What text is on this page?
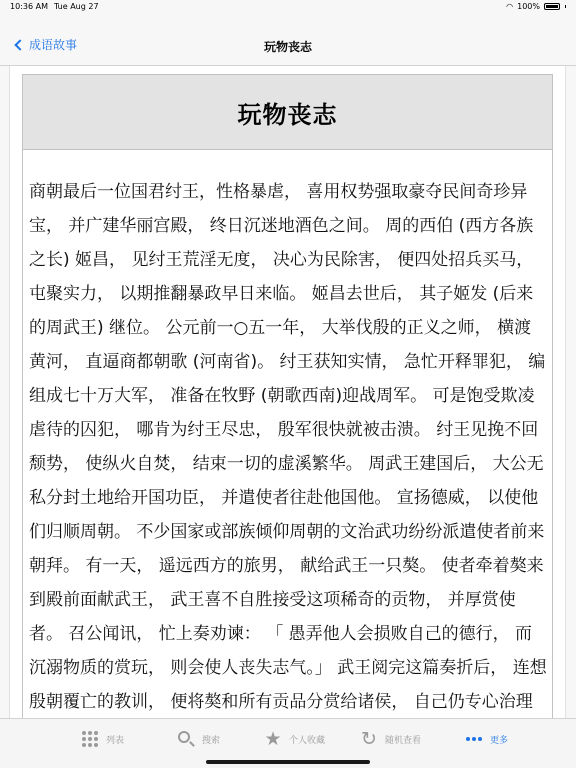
10:36 AM Tue Aug 27	◠ 100%
成语故事	玩物丧志
玩物丧志

商朝最后一位国君纣王，性格暴虐， 喜用权势强取豪夺民间奇珍异宝， 并广建华丽宫殿， 终日沉迷地酒色之间。 周的西伯 (西方各族之长) 姬昌， 见纣王荒淫无度， 决心为民除害， 便四处招兵买马， 屯聚实力， 以期推翻暴政早日来临。 姬昌去世后， 其子姬发 (后来的周武王) 继位。 公元前一○五一年， 大举伐殷的正义之师， 横渡黄河， 直逼商都朝歌 (河南省)。 纣王获知实情， 急忙开释罪犯， 编组成七十万大军， 准备在牧野 (朝歌西南)迎战周军。 可是饱受欺凌虐待的囚犯， 哪肯为纣王尽忠， 殷军很快就被击溃。 纣王见挽不回颓势， 使纵火自焚， 结束一切的虚溪繁华。 周武王建国后， 大公无私分封土地给开国功臣， 并遣使者往赴他国他。 宣扬德威， 以使他们归顺周朝。 不少国家或部族倾仰周朝的文治武功纷纷派遣使者前来朝拜。 有一天， 遥远西方的旅男， 献给武王一只獒。 使者牵着獒来到殿前面献武王， 武王喜不自胜接受这项稀奇的贡物， 并厚赏使者。 召公闻讯， 忙上奏劝谏： 「 愚弄他人会损败自己的德行， 而沉溺物质的赏玩， 则会使人丧失志气。」 武王阅完这篇奏折后， 连想殷朝覆亡的教训， 便将獒和所有贡品分赏给诸侯， 自己仍专心治理

列表	搜索 ★ 个人收藏 ↻ 随机查看	更多
